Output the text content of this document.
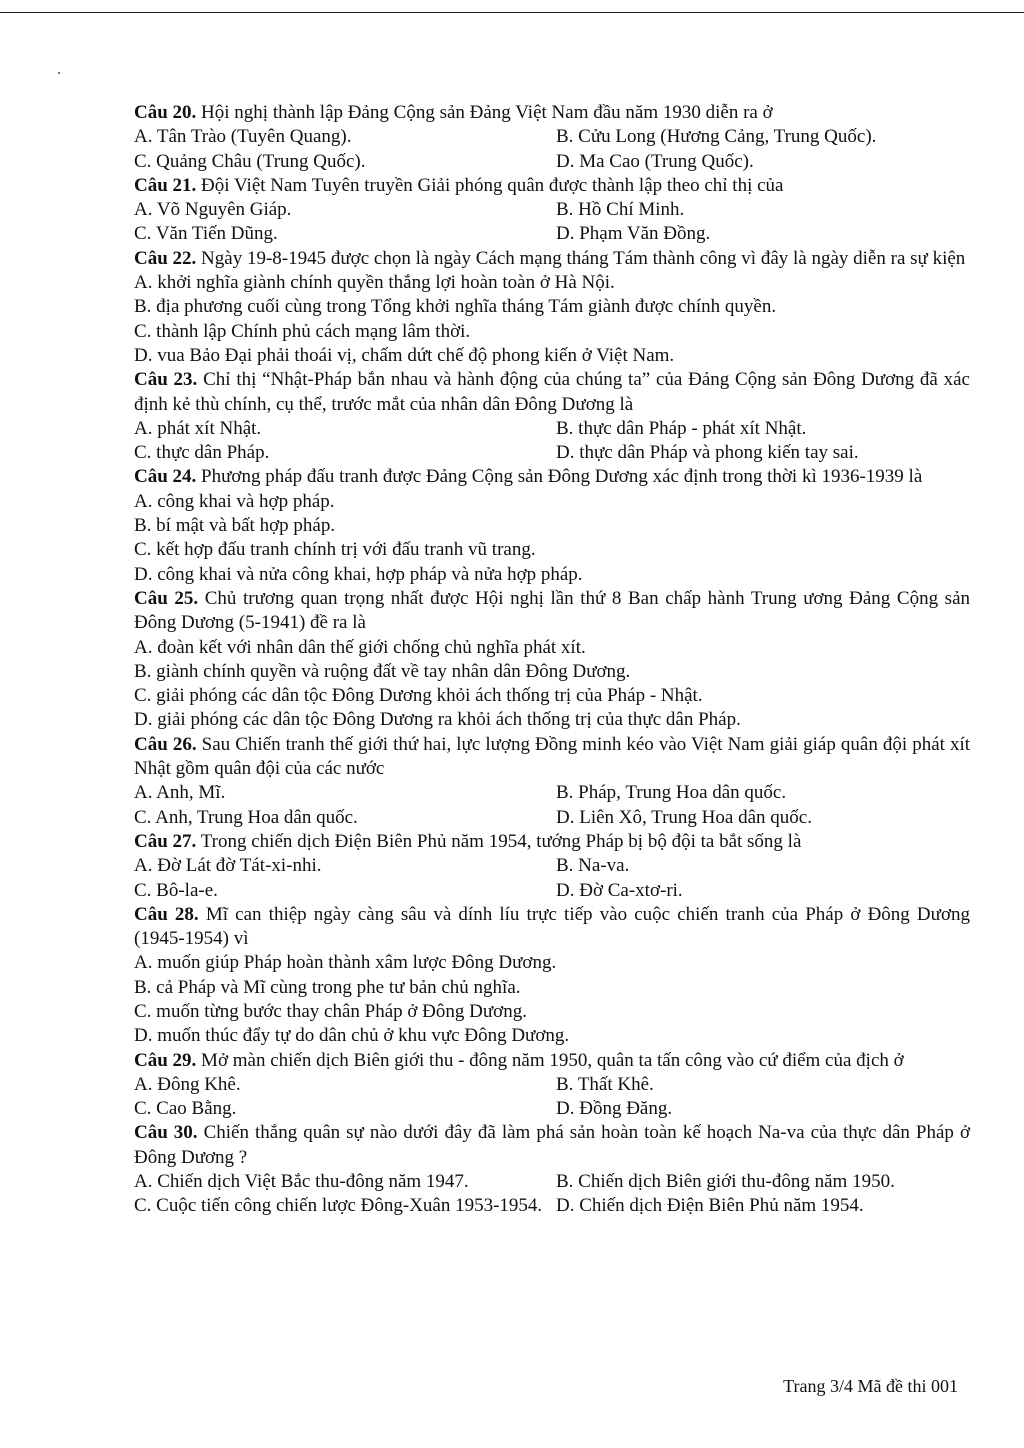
Câu 20. Hội nghị thành lập Đảng Cộng sản Đảng Việt Nam đầu năm 1930 diễn ra ở

A. Tân Trào (Tuyên Quang).	B. Cửu Long (Hương Cảng, Trung Quốc).
C. Quảng Châu (Trung Quốc).	D. Ma Cao (Trung Quốc).

Câu 21. Đội Việt Nam Tuyên truyền Giải phóng quân được thành lập theo chỉ thị của

A. Võ Nguyên Giáp.	B. Hồ Chí Minh.
C. Văn Tiến Dũng.	D. Phạm Văn Đồng.

Câu 22. Ngày 19-8-1945 được chọn là ngày Cách mạng tháng Tám thành công vì đây là ngày diễn ra sự kiện

A. khởi nghĩa giành chính quyền thắng lợi hoàn toàn ở Hà Nội.
B. địa phương cuối cùng trong Tổng khởi nghĩa tháng Tám giành được chính quyền.
C. thành lập Chính phủ cách mạng lâm thời.
D. vua Bảo Đại phải thoái vị, chấm dứt chế độ phong kiến ở Việt Nam.

Câu 23. Chỉ thị “Nhật-Pháp bắn nhau và hành động của chúng ta” của Đảng Cộng sản Đông Dương đã xác định kẻ thù chính, cụ thể, trước mắt của nhân dân Đông Dương là

A. phát xít Nhật.	B. thực dân Pháp - phát xít Nhật.
C. thực dân Pháp.	D. thực dân Pháp và phong kiến tay sai.

Câu 24. Phương pháp đấu tranh được Đảng Cộng sản Đông Dương xác định trong thời kì 1936-1939 là

A. công khai và hợp pháp.
B. bí mật và bất hợp pháp.
C. kết hợp đấu tranh chính trị với đấu tranh vũ trang.
D. công khai và nửa công khai, hợp pháp và nửa hợp pháp.

Câu 25. Chủ trương quan trọng nhất được Hội nghị lần thứ 8 Ban chấp hành Trung ương Đảng Cộng sản Đông Dương (5-1941) đề ra là

A. đoàn kết với nhân dân thế giới chống chủ nghĩa phát xít.
B. giành chính quyền và ruộng đất về tay nhân dân Đông Dương.
C. giải phóng các dân tộc Đông Dương khỏi ách thống trị của Pháp - Nhật.
D. giải phóng các dân tộc Đông Dương ra khỏi ách thống trị của thực dân Pháp.

Câu 26. Sau Chiến tranh thế giới thứ hai, lực lượng Đồng minh kéo vào Việt Nam giải giáp quân đội phát xít Nhật gồm quân đội của các nước

A. Anh, Mĩ.	B. Pháp, Trung Hoa dân quốc.
C. Anh, Trung Hoa dân quốc.	D. Liên Xô, Trung Hoa dân quốc.

Câu 27. Trong chiến dịch Điện Biên Phủ năm 1954, tướng Pháp bị bộ đội ta bắt sống là

A. Đờ Lát đờ Tát-xi-nhi.	B. Na-va.
C. Bô-la-e.	D. Đờ Ca-xtơ-ri.

Câu 28. Mĩ can thiệp ngày càng sâu và dính líu trực tiếp vào cuộc chiến tranh của Pháp ở Đông Dương (1945-1954) vì

A. muốn giúp Pháp hoàn thành xâm lược Đông Dương.
B. cả Pháp và Mĩ cùng trong phe tư bản chủ nghĩa.
C. muốn từng bước thay chân Pháp ở Đông Dương.
D. muốn thúc đẩy tự do dân chủ ở khu vực Đông Dương.

Câu 29. Mở màn chiến dịch Biên giới thu - đông năm 1950, quân ta tấn công vào cứ điểm của địch ở

A. Đông Khê.	B. Thất Khê.
C. Cao Bằng.	D. Đồng Đăng.

Câu 30. Chiến thắng quân sự nào dưới đây đã làm phá sản hoàn toàn kế hoạch Na-va của thực dân Pháp ở Đông Dương ?

A. Chiến dịch Việt Bắc thu-đông năm 1947.	B. Chiến dịch Biên giới thu-đông năm 1950.
C. Cuộc tiến công chiến lược Đông-Xuân 1953-1954. D. Chiến dịch Điện Biên Phủ năm 1954.
Trang 3/4 Mã đề thi 001
